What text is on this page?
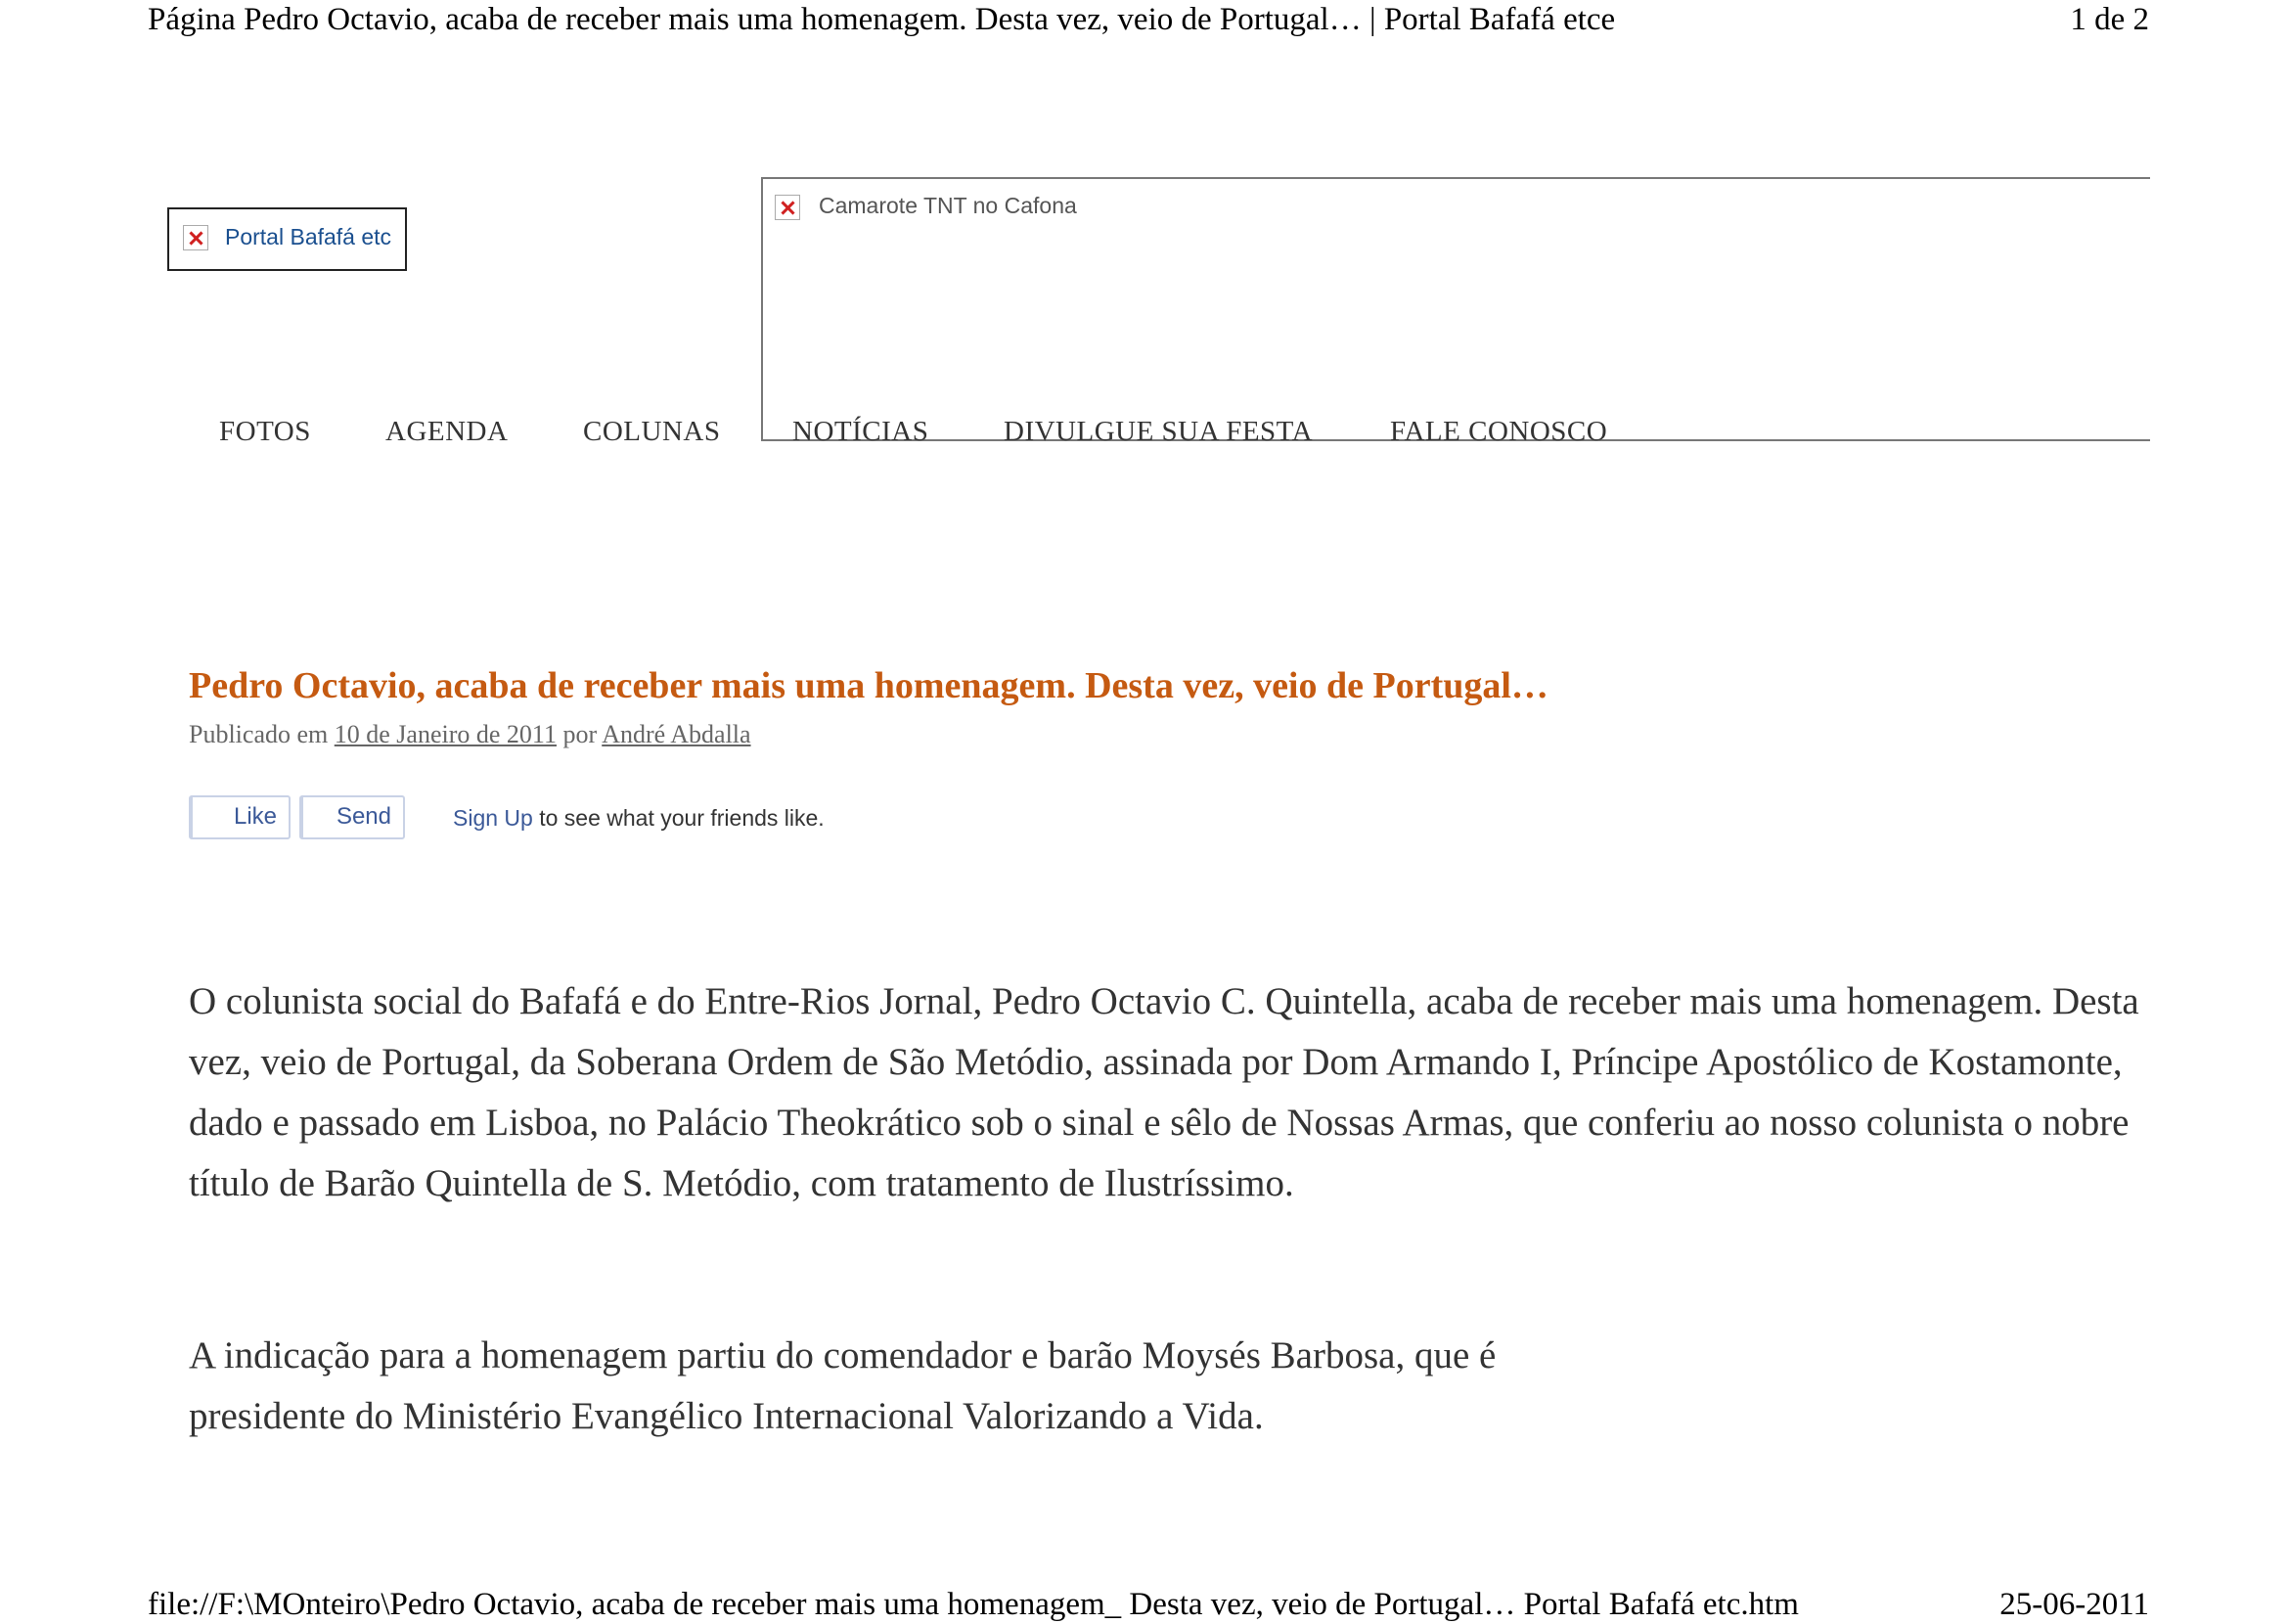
Página Pedro Octavio, acaba de receber mais uma homenagem. Desta vez, veio de Portugal… | Portal Bafafá etce	1 de 2
Portal Bafafá etc
Camarote TNT no Cafona
FOTOS	AGENDA	COLUNAS	NOTÍCIAS	DIVULGUE SUA FESTA	FALE CONOSCO
Pedro Octavio, acaba de receber mais uma homenagem. Desta vez, veio de Portugal…
Publicado em 10 de Janeiro de 2011 por André Abdalla
Like	Send	Sign Up to see what your friends like.
O colunista social do Bafafá e do Entre-Rios Jornal, Pedro Octavio C. Quintella, acaba de receber mais uma homenagem. Desta vez, veio de Portugal, da Soberana Ordem de São Metódio, assinada por Dom Armando I, Príncipe Apostólico de Kostamonte, dado e passado em Lisboa, no Palácio Theokrático sob o sinal e sêlo de Nossas Armas, que conferiu ao nosso colunista o nobre título de Barão Quintella de S. Metódio, com tratamento de Ilustríssimo.
A indicação para a homenagem partiu do comendador e barão Moysés Barbosa, que é presidente do Ministério Evangélico Internacional Valorizando a Vida.
file://F:\MOnteiro\Pedro Octavio, acaba de receber mais uma homenagem_ Desta vez, veio de Portugal… Portal Bafafá etc.htm	25-06-2011
